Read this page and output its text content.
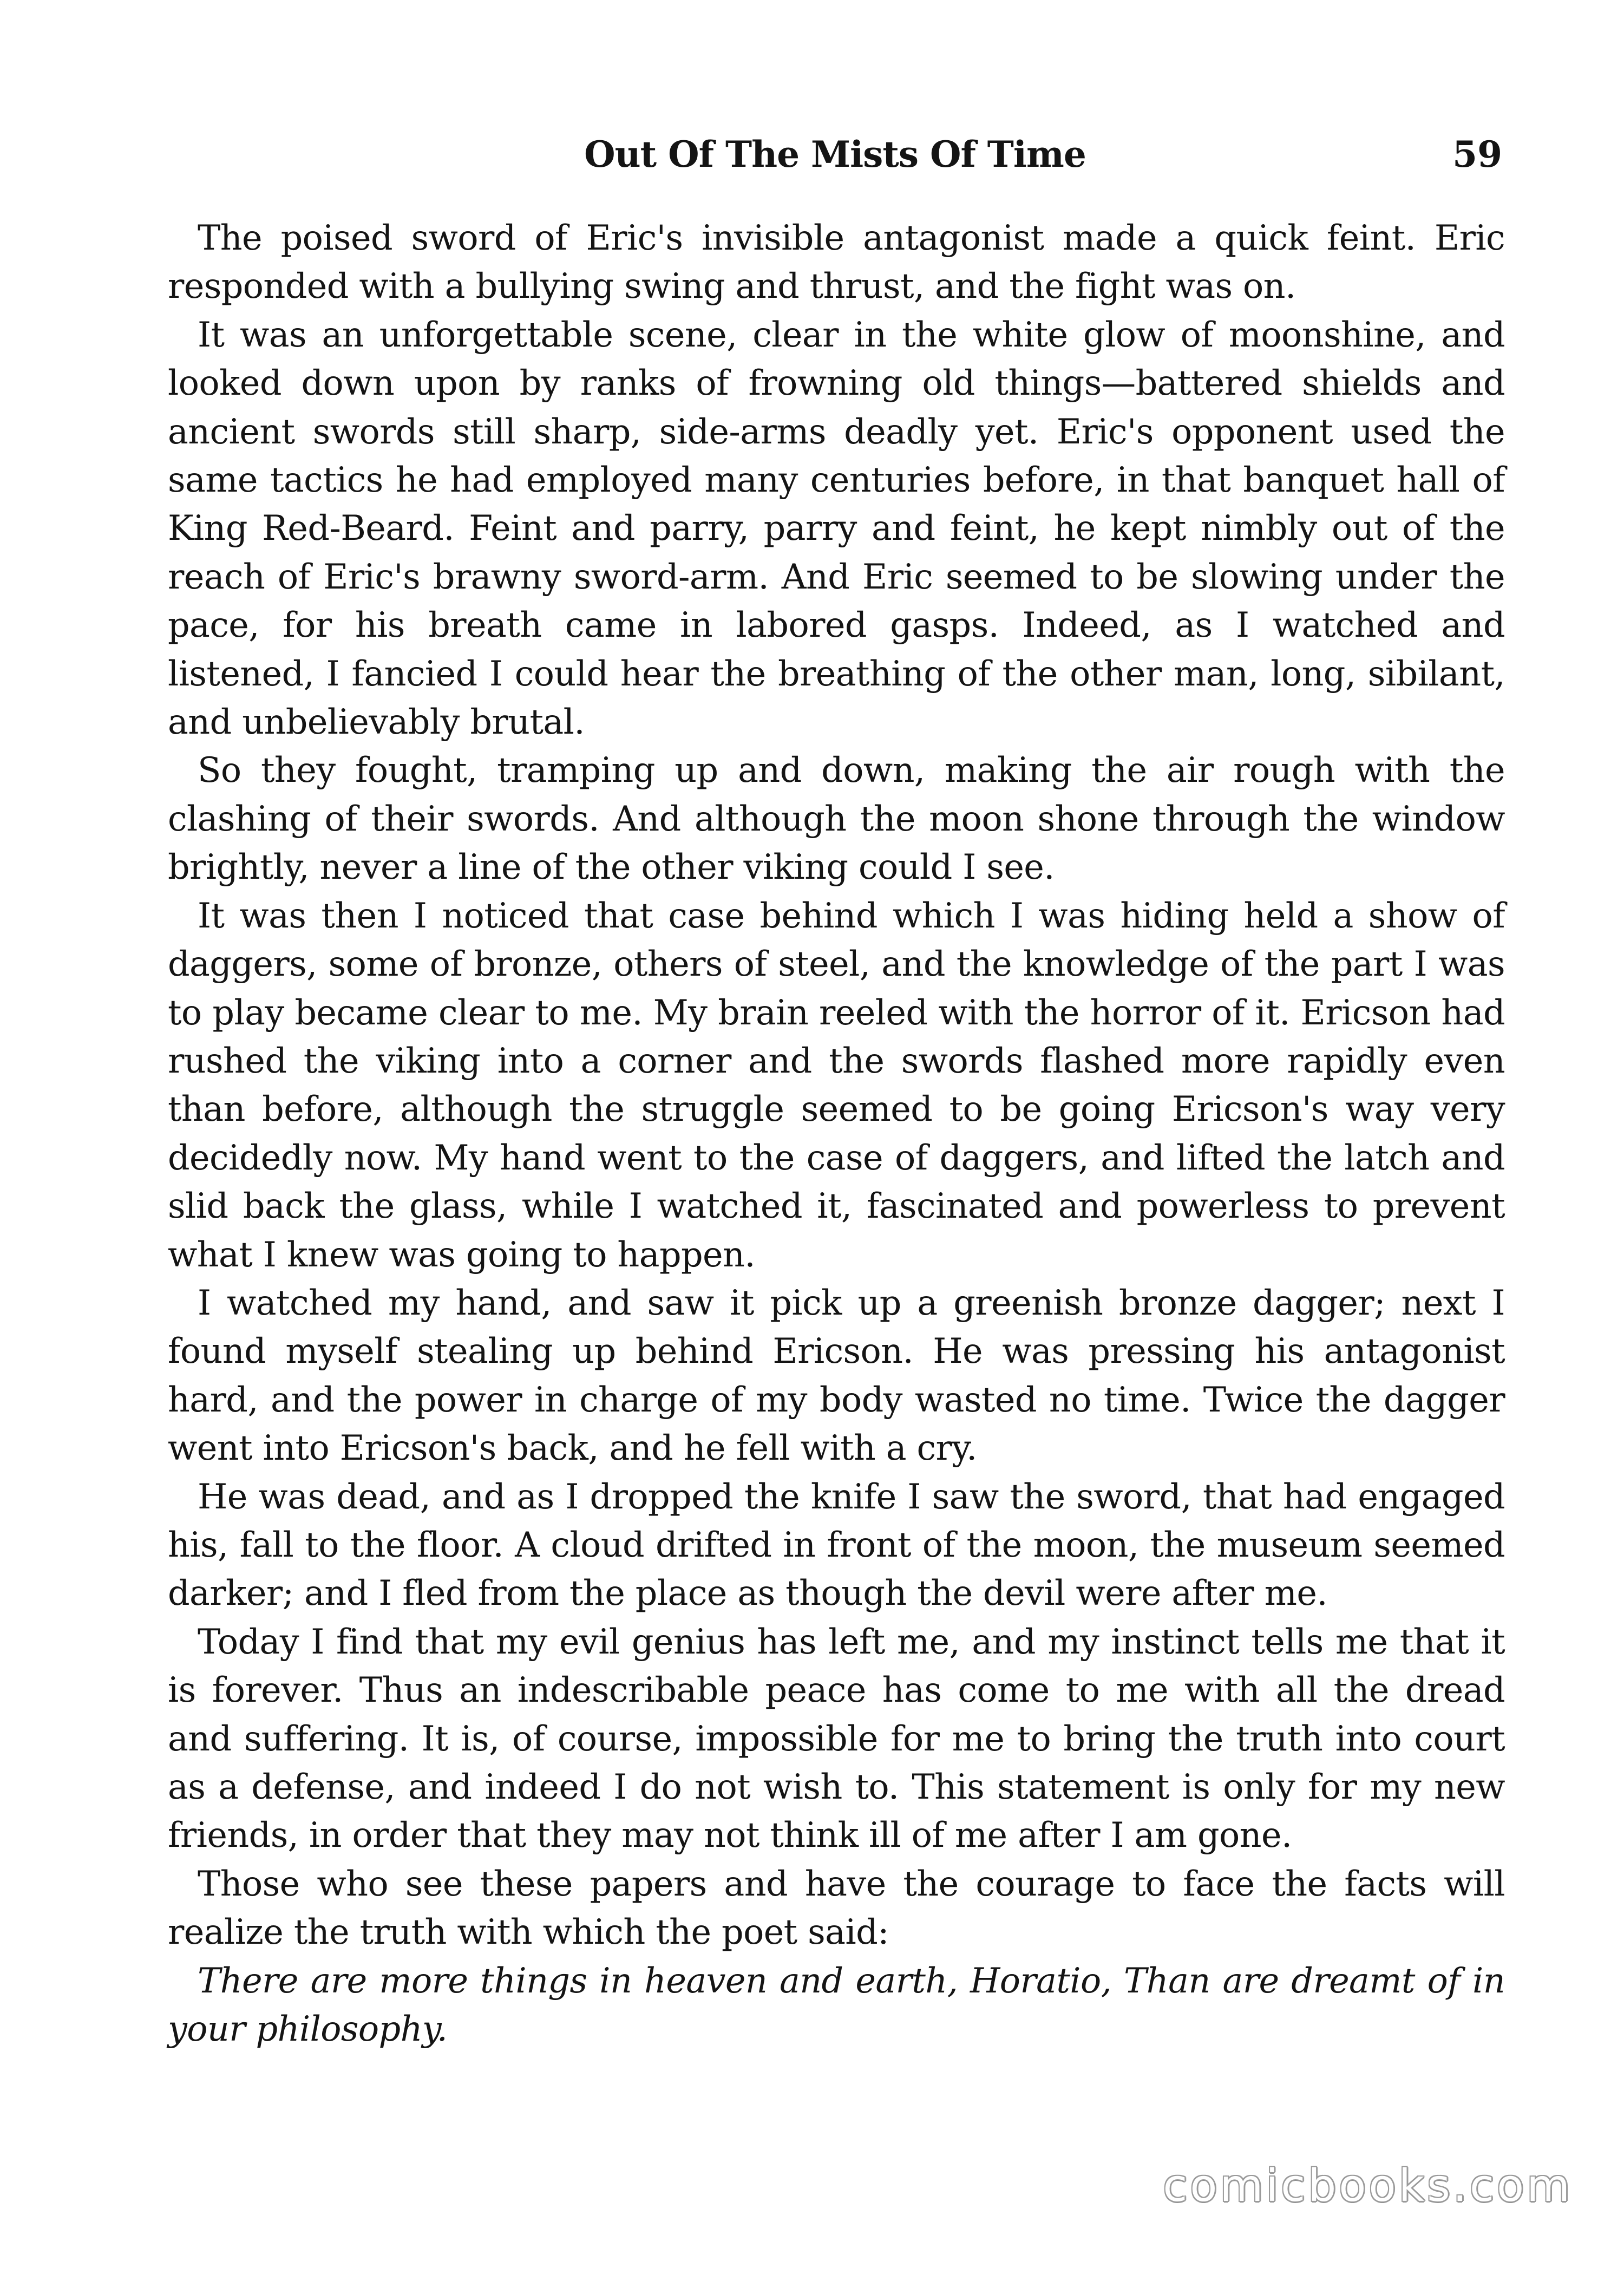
Out Of The Mists Of Time	59

The poised sword of Eric's invisible antagonist made a quick feint. Eric responded with a bullying swing and thrust, and the fight was on.

It was an unforgettable scene, clear in the white glow of moonshine, and looked down upon by ranks of frowning old things—battered shields and ancient swords still sharp, side-arms deadly yet. Eric's opponent used the same tactics he had employed many centuries before, in that banquet hall of King Red-Beard. Feint and parry, parry and feint, he kept nimbly out of the reach of Eric's brawny sword-arm. And Eric seemed to be slowing under the pace, for his breath came in labored gasps. Indeed, as I watched and listened, I fancied I could hear the breathing of the other man, long, sibilant, and unbelievably brutal.

So they fought, tramping up and down, making the air rough with the clashing of their swords. And although the moon shone through the window brightly, never a line of the other viking could I see.

It was then I noticed that case behind which I was hiding held a show of daggers, some of bronze, others of steel, and the knowledge of the part I was to play became clear to me. My brain reeled with the horror of it. Ericson had rushed the viking into a corner and the swords flashed more rapidly even than before, although the struggle seemed to be going Ericson's way very decidedly now. My hand went to the case of daggers, and lifted the latch and slid back the glass, while I watched it, fascinated and powerless to prevent what I knew was going to happen.

I watched my hand, and saw it pick up a greenish bronze dagger; next I found myself stealing up behind Ericson. He was pressing his antagonist hard, and the power in charge of my body wasted no time. Twice the dagger went into Ericson's back, and he fell with a cry.

He was dead, and as I dropped the knife I saw the sword, that had engaged his, fall to the floor. A cloud drifted in front of the moon, the museum seemed darker; and I fled from the place as though the devil were after me.

Today I find that my evil genius has left me, and my instinct tells me that it is forever. Thus an indescribable peace has come to me with all the dread and suffering. It is, of course, impossible for me to bring the truth into court as a defense, and indeed I do not wish to. This statement is only for my new friends, in order that they may not think ill of me after I am gone.

Those who see these papers and have the courage to face the facts will realize the truth with which the poet said:

There are more things in heaven and earth, Horatio, Than are dreamt of in your philosophy.

comicbooks.com
